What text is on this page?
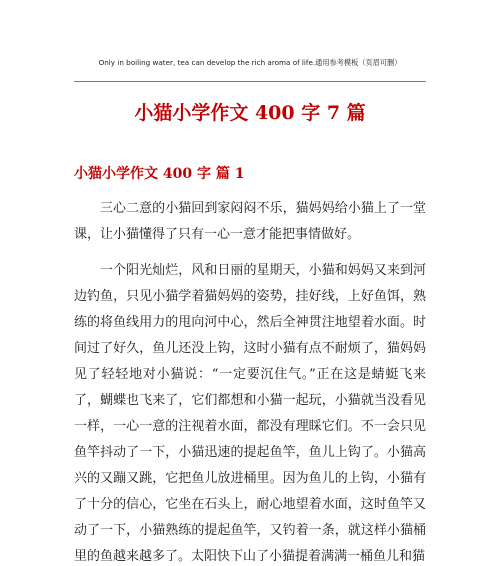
Only in boiling water, tea can develop the rich aroma of life.通用参考模板（页眉可删）
小猫小学作文 400 字 7 篇
小猫小学作文 400 字 篇 1

三心二意的小猫回到家闷闷不乐，猫妈妈给小猫上了一堂课，让小猫懂得了只有一心一意才能把事情做好。

一个阳光灿烂，风和日丽的星期天，小猫和妈妈又来到河边钓鱼，只见小猫学着猫妈妈的姿势，挂好线，上好鱼饵，熟练的将鱼线用力的甩向河中心，然后全神贯注地望着水面。时间过了好久，鱼儿还没上钩，这时小猫有点不耐烦了，猫妈妈见了轻轻地对小猫说：“一定要沉住气。”正在这是蜻蜓飞来了，蝴蝶也飞来了，它们都想和小猫一起玩，小猫就当没看见一样，一心一意的注视着水面，都没有理睬它们。不一会只见鱼竿抖动了一下，小猫迅速的提起鱼竿，鱼儿上钩了。小猫高兴的又蹦又跳，它把鱼儿放进桶里。因为鱼儿的上钩，小猫有了十分的信心，它坐在石头上，耐心地望着水面，这时鱼竿又动了一下，小猫熟练的提起鱼竿，又钓着一条，就这样小猫桶里的鱼越来越多了。太阳快下山了小猫提着满满一桶鱼儿和猫
